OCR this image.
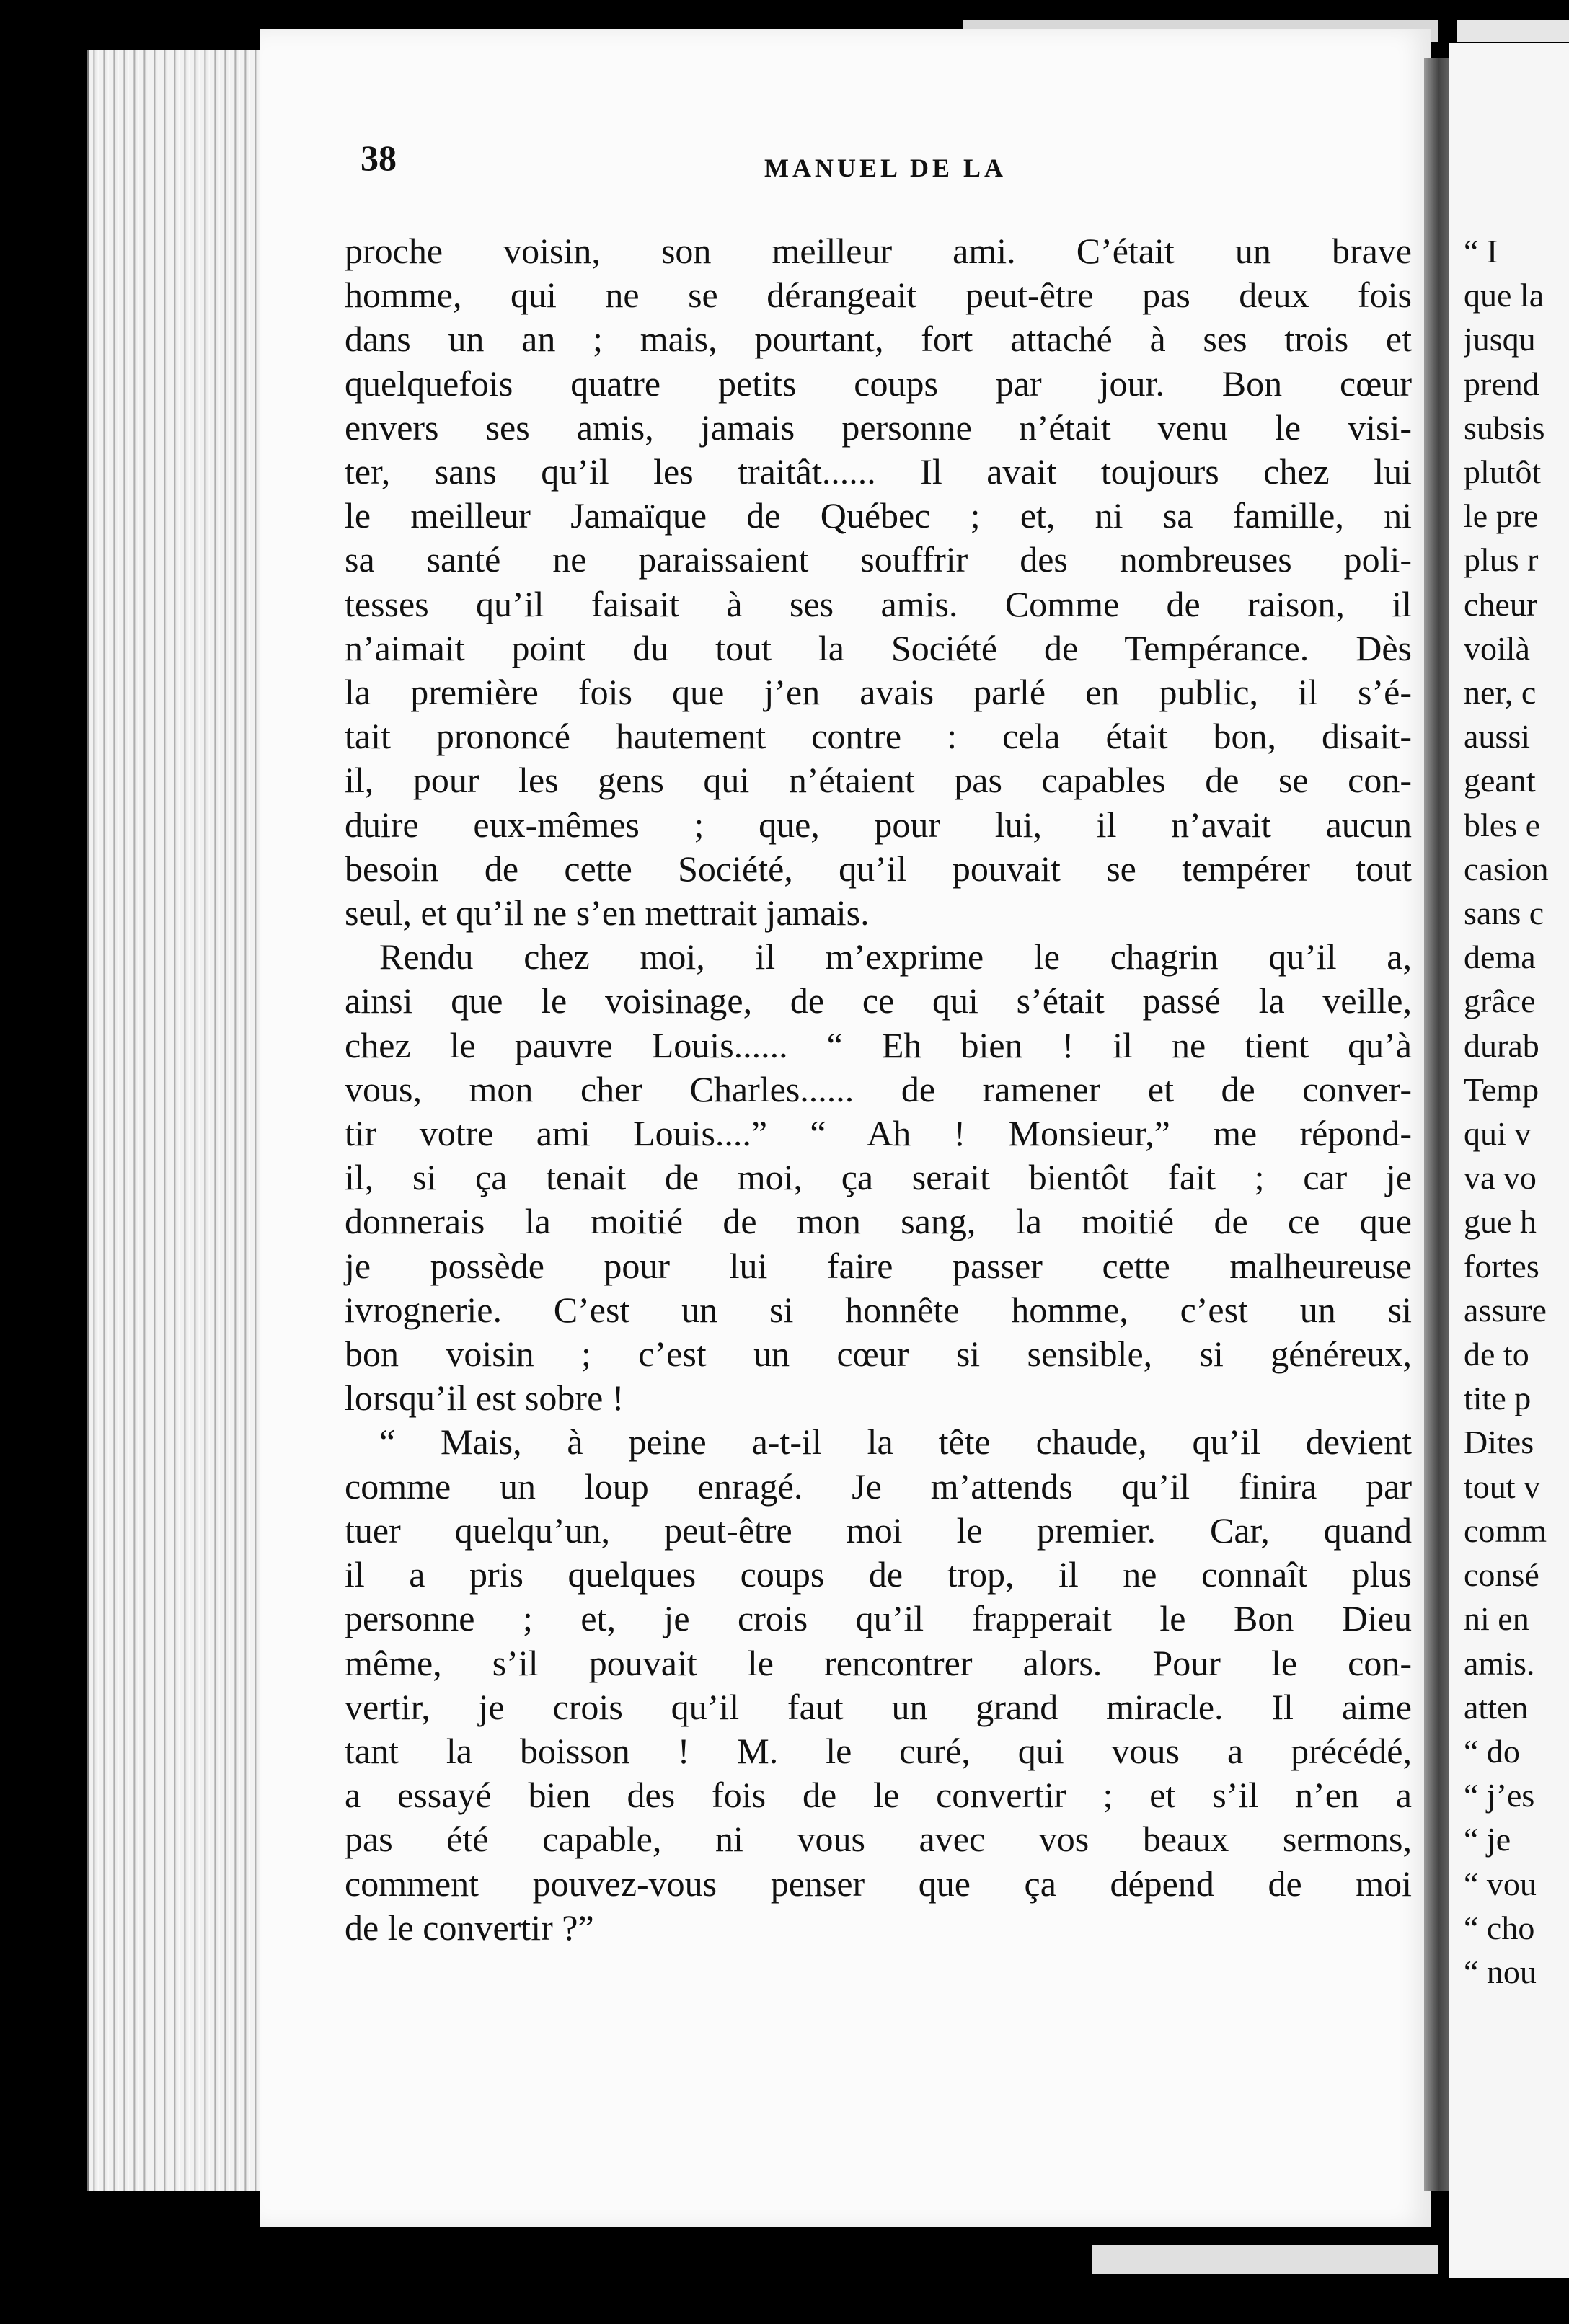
38	MANUEL DE LA
proche voisin, son meilleur ami. C’était un brave
homme, qui ne se dérangeait peut-être pas deux fois
dans un an ; mais, pourtant, fort attaché à ses trois et
quelquefois quatre petits coups par jour. Bon cœur
envers ses amis, jamais personne n’était venu le visi-
ter, sans qu’il les traitât...... Il avait toujours chez lui
le meilleur Jamaïque de Québec ; et, ni sa famille, ni
sa santé ne paraissaient souffrir des nombreuses poli-
tesses qu’il faisait à ses amis. Comme de raison, il
n’aimait point du tout la Société de Tempérance. Dès
la première fois que j’en avais parlé en public, il s’é-
tait prononcé hautement contre : cela était bon, disait-
il, pour les gens qui n’étaient pas capables de se con-
duire eux-mêmes ; que, pour lui, il n’avait aucun
besoin de cette Société, qu’il pouvait se tempérer tout
seul, et qu’il ne s’en mettrait jamais.
Rendu chez moi, il m’exprime le chagrin qu’il a,
ainsi que le voisinage, de ce qui s’était passé la veille,
chez le pauvre Louis...... “ Eh bien ! il ne tient qu’à
vous, mon cher Charles...... de ramener et de conver-
tir votre ami Louis....” “ Ah ! Monsieur,” me répond-
il, si ça tenait de moi, ça serait bientôt fait ; car je
donnerais la moitié de mon sang, la moitié de ce que
je possède pour lui faire passer cette malheureuse
ivrognerie. C’est un si honnête homme, c’est un si
bon voisin ; c’est un cœur si sensible, si généreux,
lorsqu’il est sobre !
“ Mais, à peine a-t-il la tête chaude, qu’il devient
comme un loup enragé. Je m’attends qu’il finira par
tuer quelqu’un, peut-être moi le premier. Car, quand
il a pris quelques coups de trop, il ne connaît plus
personne ; et, je crois qu’il frapperait le Bon Dieu
même, s’il pouvait le rencontrer alors. Pour le con-
vertir, je crois qu’il faut un grand miracle. Il aime
tant la boisson ! M. le curé, qui vous a précédé,
a essayé bien des fois de le convertir ; et s’il n’en a
pas été capable, ni vous avec vos beaux sermons,
comment pouvez-vous penser que ça dépend de moi
de le convertir ?”
“ I
que la
jusqu
prend
subsis
plutôt
le pre
plus r
cheur
voilà
ner, c
aussi
geant
bles e
casion
sans c
dema
grâce
durab
Temp
qui v
va vo
gue h
fortes
assure
de to
tite p
Dites
tout v
comm
consé
ni en
amis.
atten
“ do
“ j’es
“ je
“ vou
“ cho
“ nou
